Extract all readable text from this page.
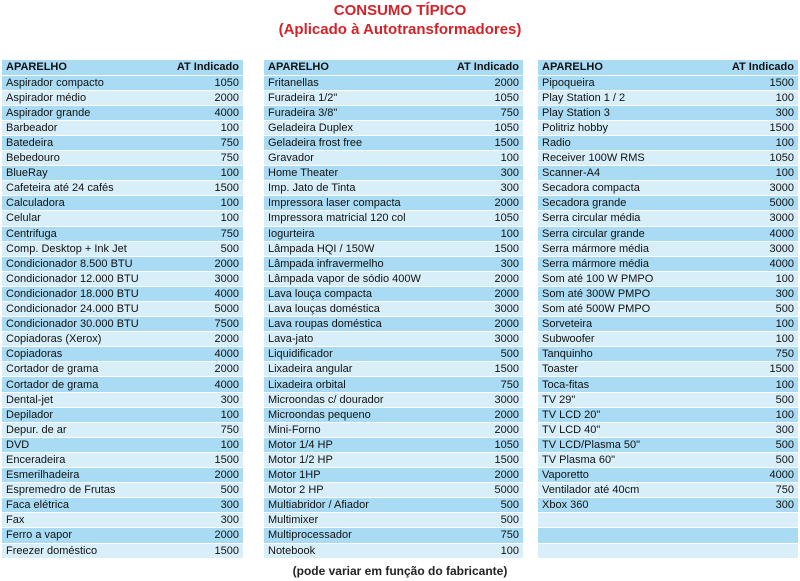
CONSUMO TÍPICO
(Aplicado à Autotransformadores)
APARELHO	AT Indicado
Aspirador compacto	1050
Aspirador médio	2000
Aspirador grande	4000
Barbeador	100
Batedeira	750
Bebedouro	750
BlueRay	100
Cafeteira até 24 cafés	1500
Calculadora	100
Celular	100
Centrifuga	750
Comp. Desktop + Ink Jet	500
Condicionador 8.500 BTU	2000
Condicionador 12.000 BTU	3000
Condicionador 18.000 BTU	4000
Condicionador 24.000 BTU	5000
Condicionador 30.000 BTU	7500
Copiadoras (Xerox)	2000
Copiadoras	4000
Cortador de grama	2000
Cortador de grama	4000
Dental-jet	300
Depilador	100
Depur. de ar	750
DVD	100
Enceradeira	1500
Esmerilhadeira	2000
Espremedro de Frutas	500
Faca elétrica	300
Fax	300
Ferro a vapor	2000
Freezer doméstico	1500
APARELHO	AT Indicado
Fritanellas	2000
Furadeira 1/2"	1050
Furadeira 3/8"	750
Geladeira Duplex	1050
Geladeira frost free	1500
Gravador	100
Home Theater	300
Imp. Jato de Tinta	300
Impressora laser compacta	2000
Impressora matricial 120 col	1050
Iogurteira	100
Lâmpada HQI / 150W	1500
Lâmpada infravermelho	300
Lâmpada vapor de sódio 400W	2000
Lava louça compacta	2000
Lava louças doméstica	3000
Lava roupas doméstica	2000
Lava-jato	3000
Liquidificador	500
Lixadeira angular	1500
Lixadeira orbital	750
Microondas c/ dourador	3000
Microondas pequeno	2000
Mini-Forno	2000
Motor 1/4 HP	1050
Motor 1/2 HP	1500
Motor 1HP	2000
Motor 2 HP	5000
Multiabridor / Afiador	500
Multimixer	500
Multiprocessador	750
Notebook	100
APARELHO	AT Indicado
Pipoqueira	1500
Play Station 1 / 2	100
Play Station 3	300
Politriz hobby	1500
Radio	100
Receiver 100W RMS	1050
Scanner-A4	100
Secadora compacta	3000
Secadora grande	5000
Serra circular média	3000
Serra circular grande	4000
Serra mármore média	3000
Serra mármore média	4000
Som até 100 W PMPO	100
Som até 300W PMPO	300
Som até 500W PMPO	500
Sorveteira	100
Subwoofer	100
Tanquinho	750
Toaster	1500
Toca-fitas	100
TV 29"	500
TV LCD 20"	100
TV LCD 40"	300
TV LCD/Plasma 50"	500
TV Plasma 60"	500
Vaporetto	4000
Ventilador até 40cm	750
Xbox 360	300

(pode variar em função do fabricante)
